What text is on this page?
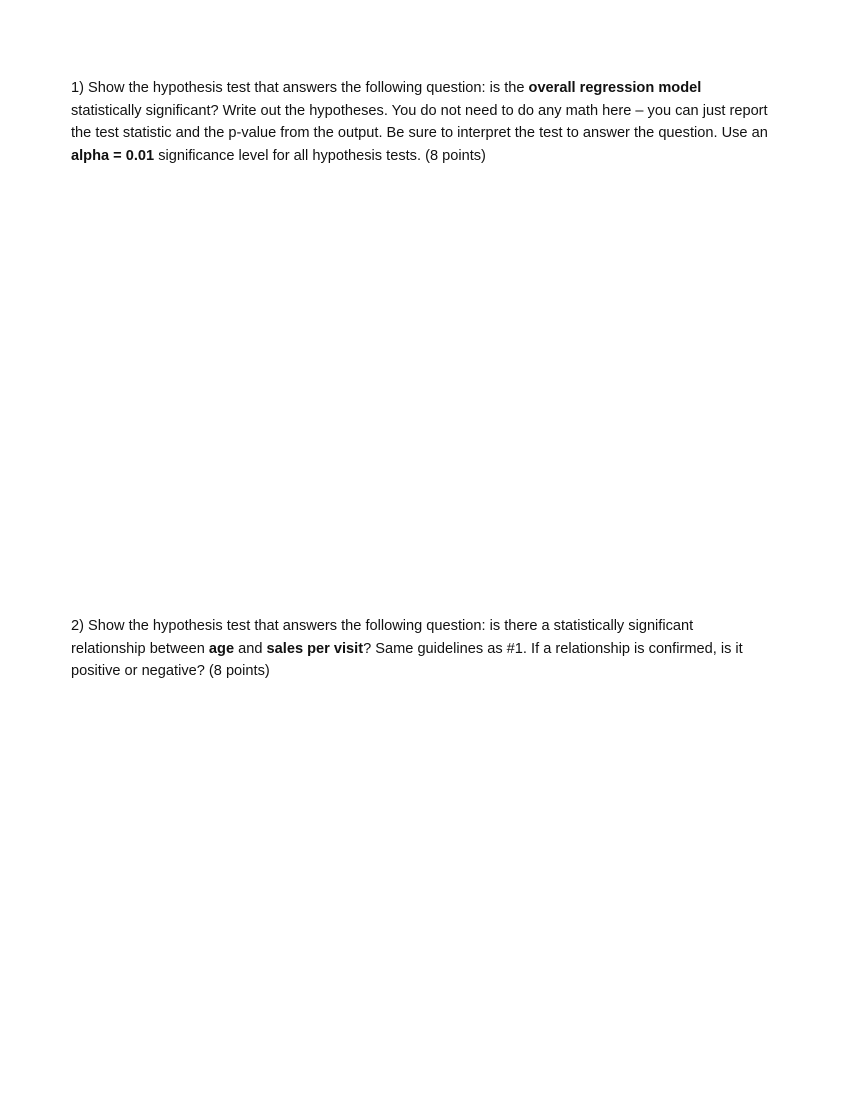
1) Show the hypothesis test that answers the following question: is the overall regression model statistically significant? Write out the hypotheses. You do not need to do any math here – you can just report the test statistic and the p-value from the output. Be sure to interpret the test to answer the question. Use an alpha = 0.01 significance level for all hypothesis tests. (8 points)

2) Show the hypothesis test that answers the following question: is there a statistically significant relationship between age and sales per visit? Same guidelines as #1. If a relationship is confirmed, is it positive or negative? (8 points)
